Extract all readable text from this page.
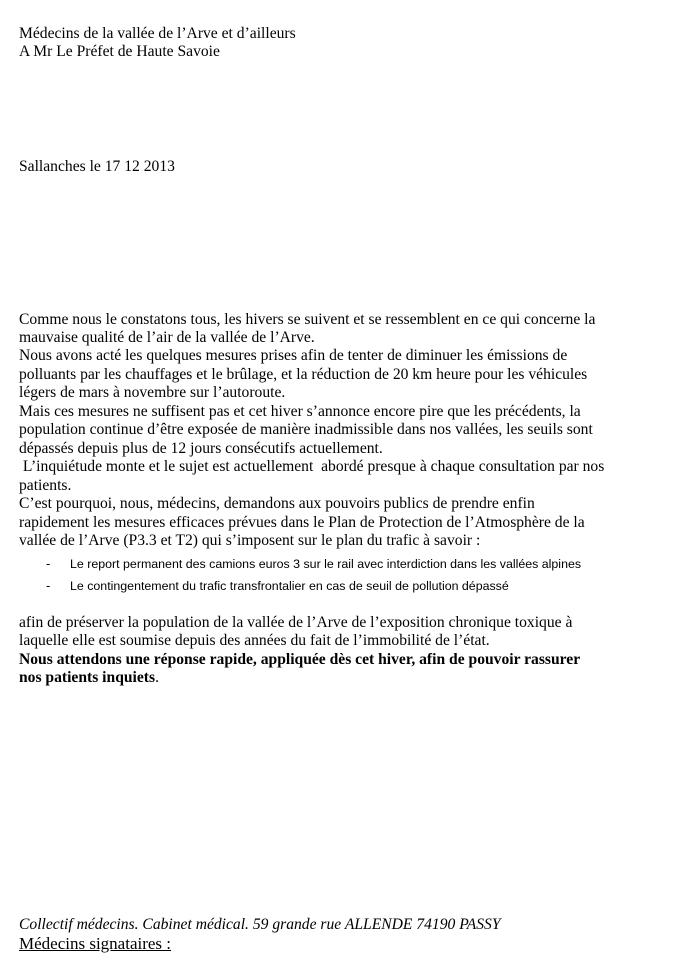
Médecins de la vallée de l’Arve et d’ailleurs

A Mr Le Préfet de Haute Savoie

Sallanches le 17 12 2013

Comme nous le constatons tous, les hivers se suivent et se ressemblent en ce qui concerne la

mauvaise qualité de l’air de la vallée de l’Arve.

Nous avons acté les quelques mesures prises afin de tenter de diminuer les émissions de

polluants par les chauffages et le brûlage, et la réduction de 20 km heure pour les véhicules

légers de mars à novembre sur l’autoroute.

Mais ces mesures ne suffisent pas et cet hiver s’annonce encore pire que les précédents, la

population continue d’être exposée de manière inadmissible dans nos vallées, les seuils sont

dépassés depuis plus de 12 jours consécutifs actuellement.

L’inquiétude monte et le sujet est actuellement  abordé presque à chaque consultation par nos

patients.

C’est pourquoi, nous, médecins, demandons aux pouvoirs publics de prendre enfin

rapidement les mesures efficaces prévues dans le Plan de Protection de l’Atmosphère de la

vallée de l’Arve (P3.3 et T2) qui s’imposent sur le plan du trafic à savoir :

- Le report permanent des camions euros 3 sur le rail avec interdiction dans les vallées alpines
- Le contingentement du trafic transfrontalier en cas de seuil de pollution dépassé

afin de préserver la population de la vallée de l’Arve de l’exposition chronique toxique à

laquelle elle est soumise depuis des années du fait de l’immobilité de l’état.

Nous attendons une réponse rapide, appliquée dès cet hiver, afin de pouvoir rassurer

nos patients inquiets.

Collectif médecins. Cabinet médical. 59 grande rue ALLENDE 74190 PASSY

Médecins signataires :
